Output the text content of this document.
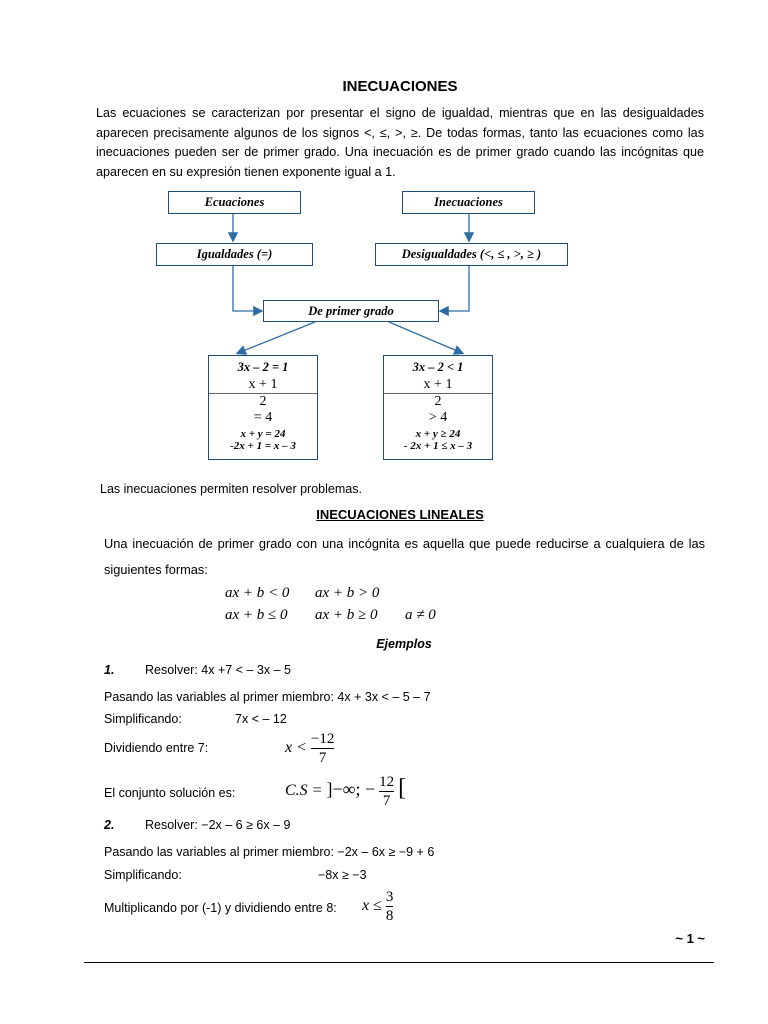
INECUACIONES
Las ecuaciones se caracterizan por presentar el signo de igualdad, mientras que en las desigualdades aparecen precisamente algunos de los signos <, ≤, >, ≥. De todas formas, tanto las ecuaciones como las inecuaciones pueden ser de primer grado. Una inecuación es de primer grado cuando las incógnitas que aparecen en su expresión tienen exponente igual a 1.
Ecuaciones	Inecuaciones
Igualdades (=)	Desigualdades (<, ≤ , >, ≥ )
De primer grado
3x – 2 = 1
x + 1
2
= 4
x + y = 24
-2x + 1 = x – 3
3x – 2 < 1
x + 1
2
> 4
x + y ≥ 24
- 2x + 1 ≤ x – 3
Las inecuaciones permiten resolver problemas.
INECUACIONES LINEALES
Una inecuación de primer grado con una incógnita es aquella que puede reducirse a cualquiera de las siguientes formas:
ax + b < 0 ax + b > 0
ax + b ≤ 0 ax + b ≥ 0 a ≠ 0
Ejemplos
1. Resolver: 4x +7 < – 3x – 5
Pasando las variables al primer miembro: 4x + 3x < – 5 – 7
Simplificando:	7x < – 12
Dividiendo entre 7:	$x < \frac{-12}{7}$
El conjunto solución es:	C.S = ]−∞; − $\frac{12}{7}$ [
2. Resolver: −2x – 6 ≥ 6x – 9
Pasando las variables al primer miembro: −2x – 6x ≥ −9 + 6
Simplificando:	−8x ≥ −3
Multiplicando por (-1) y dividiendo entre 8: $x \le \frac{3}{8}$
~ 1 ~
